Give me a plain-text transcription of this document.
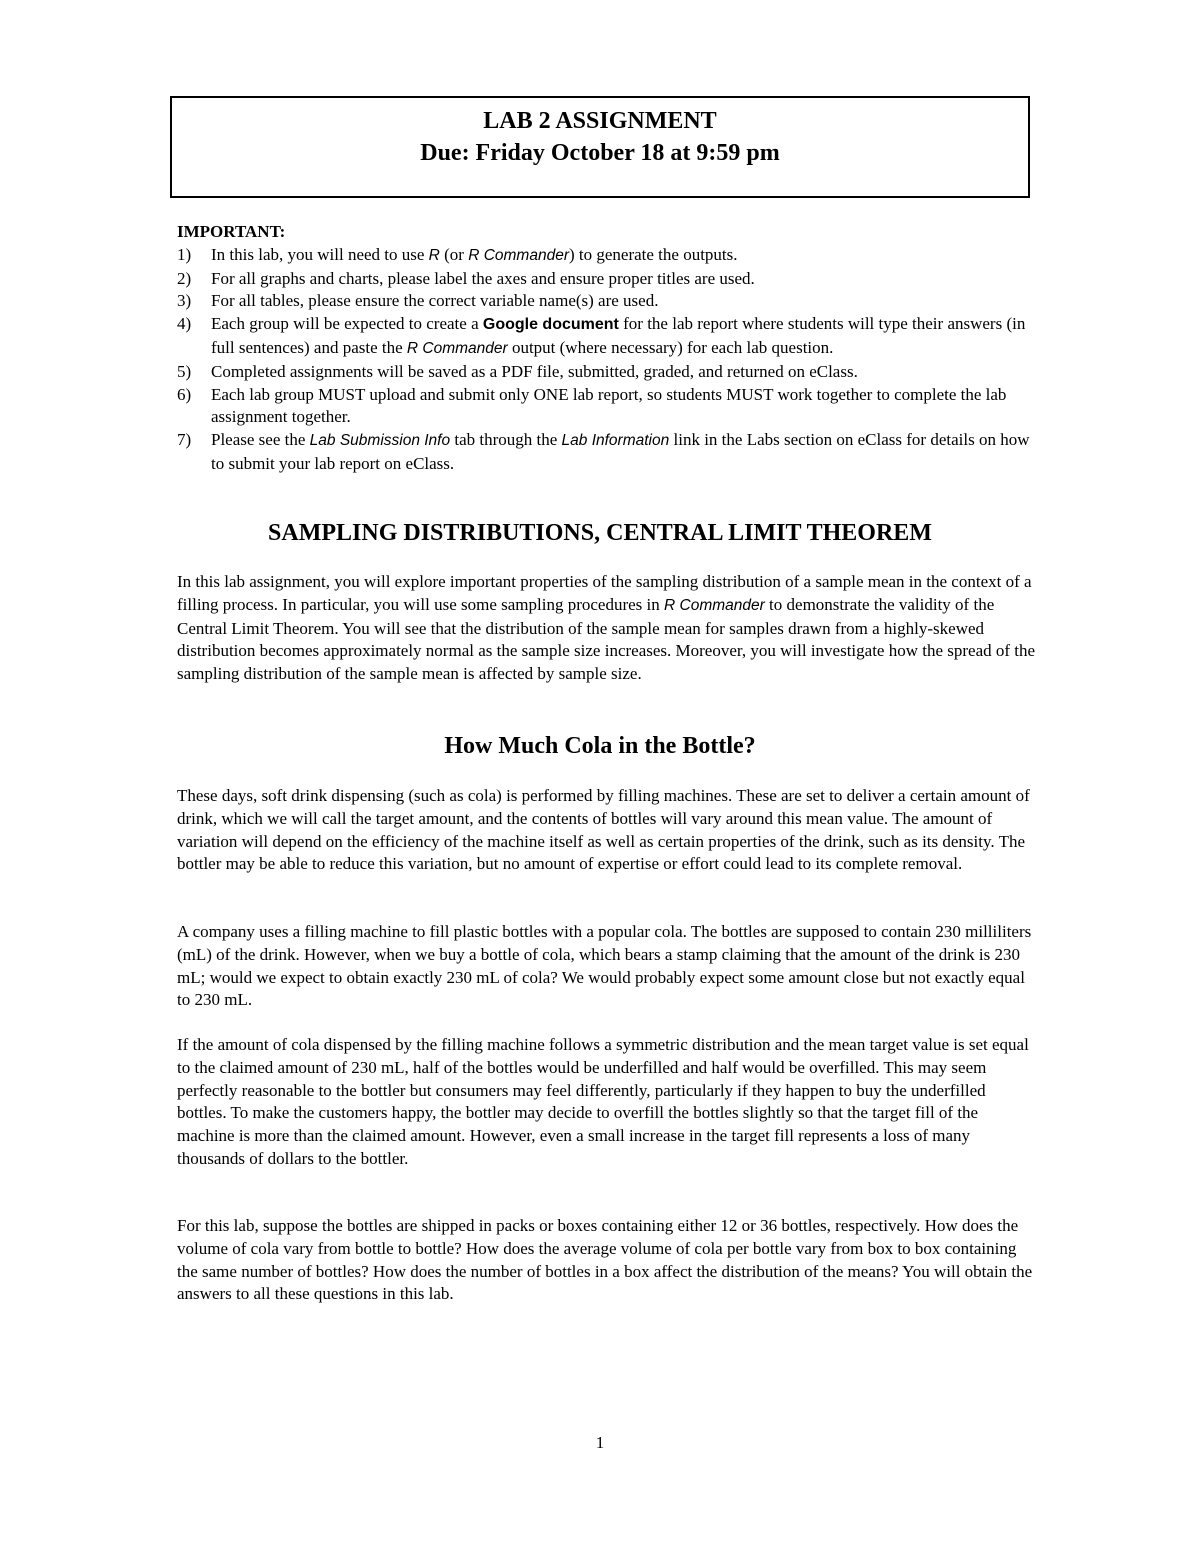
LAB 2 ASSIGNMENT
Due: Friday October 18 at 9:59 pm
IMPORTANT:
1)	In this lab, you will need to use R (or R Commander) to generate the outputs.
2)	For all graphs and charts, please label the axes and ensure proper titles are used.
3)	For all tables, please ensure the correct variable name(s) are used.
4)	Each group will be expected to create a Google document for the lab report where students will type their answers (in full sentences) and paste the R Commander output (where necessary) for each lab question.
5)	Completed assignments will be saved as a PDF file, submitted, graded, and returned on eClass.
6)	Each lab group MUST upload and submit only ONE lab report, so students MUST work together to complete the lab assignment together.
7)	Please see the Lab Submission Info tab through the Lab Information link in the Labs section on eClass for details on how to submit your lab report on eClass.
SAMPLING DISTRIBUTIONS, CENTRAL LIMIT THEOREM

In this lab assignment, you will explore important properties of the sampling distribution of a sample mean in the context of a filling process. In particular, you will use some sampling procedures in R Commander to demonstrate the validity of the Central Limit Theorem. You will see that the distribution of the sample mean for samples drawn from a highly-skewed distribution becomes approximately normal as the sample size increases. Moreover, you will investigate how the spread of the sampling distribution of the sample mean is affected by sample size.

How Much Cola in the Bottle?

These days, soft drink dispensing (such as cola) is performed by filling machines. These are set to deliver a certain amount of drink, which we will call the target amount, and the contents of bottles will vary around this mean value. The amount of variation will depend on the efficiency of the machine itself as well as certain properties of the drink, such as its density. The bottler may be able to reduce this variation, but no amount of expertise or effort could lead to its complete removal.

A company uses a filling machine to fill plastic bottles with a popular cola. The bottles are supposed to contain 230 milliliters (mL) of the drink. However, when we buy a bottle of cola, which bears a stamp claiming that the amount of the drink is 230 mL; would we expect to obtain exactly 230 mL of cola? We would probably expect some amount close but not exactly equal to 230 mL.

If the amount of cola dispensed by the filling machine follows a symmetric distribution and the mean target value is set equal to the claimed amount of 230 mL, half of the bottles would be underfilled and half would be overfilled. This may seem perfectly reasonable to the bottler but consumers may feel differently, particularly if they happen to buy the underfilled bottles. To make the customers happy, the bottler may decide to overfill the bottles slightly so that the target fill of the machine is more than the claimed amount. However, even a small increase in the target fill represents a loss of many thousands of dollars to the bottler.

For this lab, suppose the bottles are shipped in packs or boxes containing either 12 or 36 bottles, respectively. How does the volume of cola vary from bottle to bottle? How does the average volume of cola per bottle vary from box to box containing the same number of bottles? How does the number of bottles in a box affect the distribution of the means? You will obtain the answers to all these questions in this lab.

1
